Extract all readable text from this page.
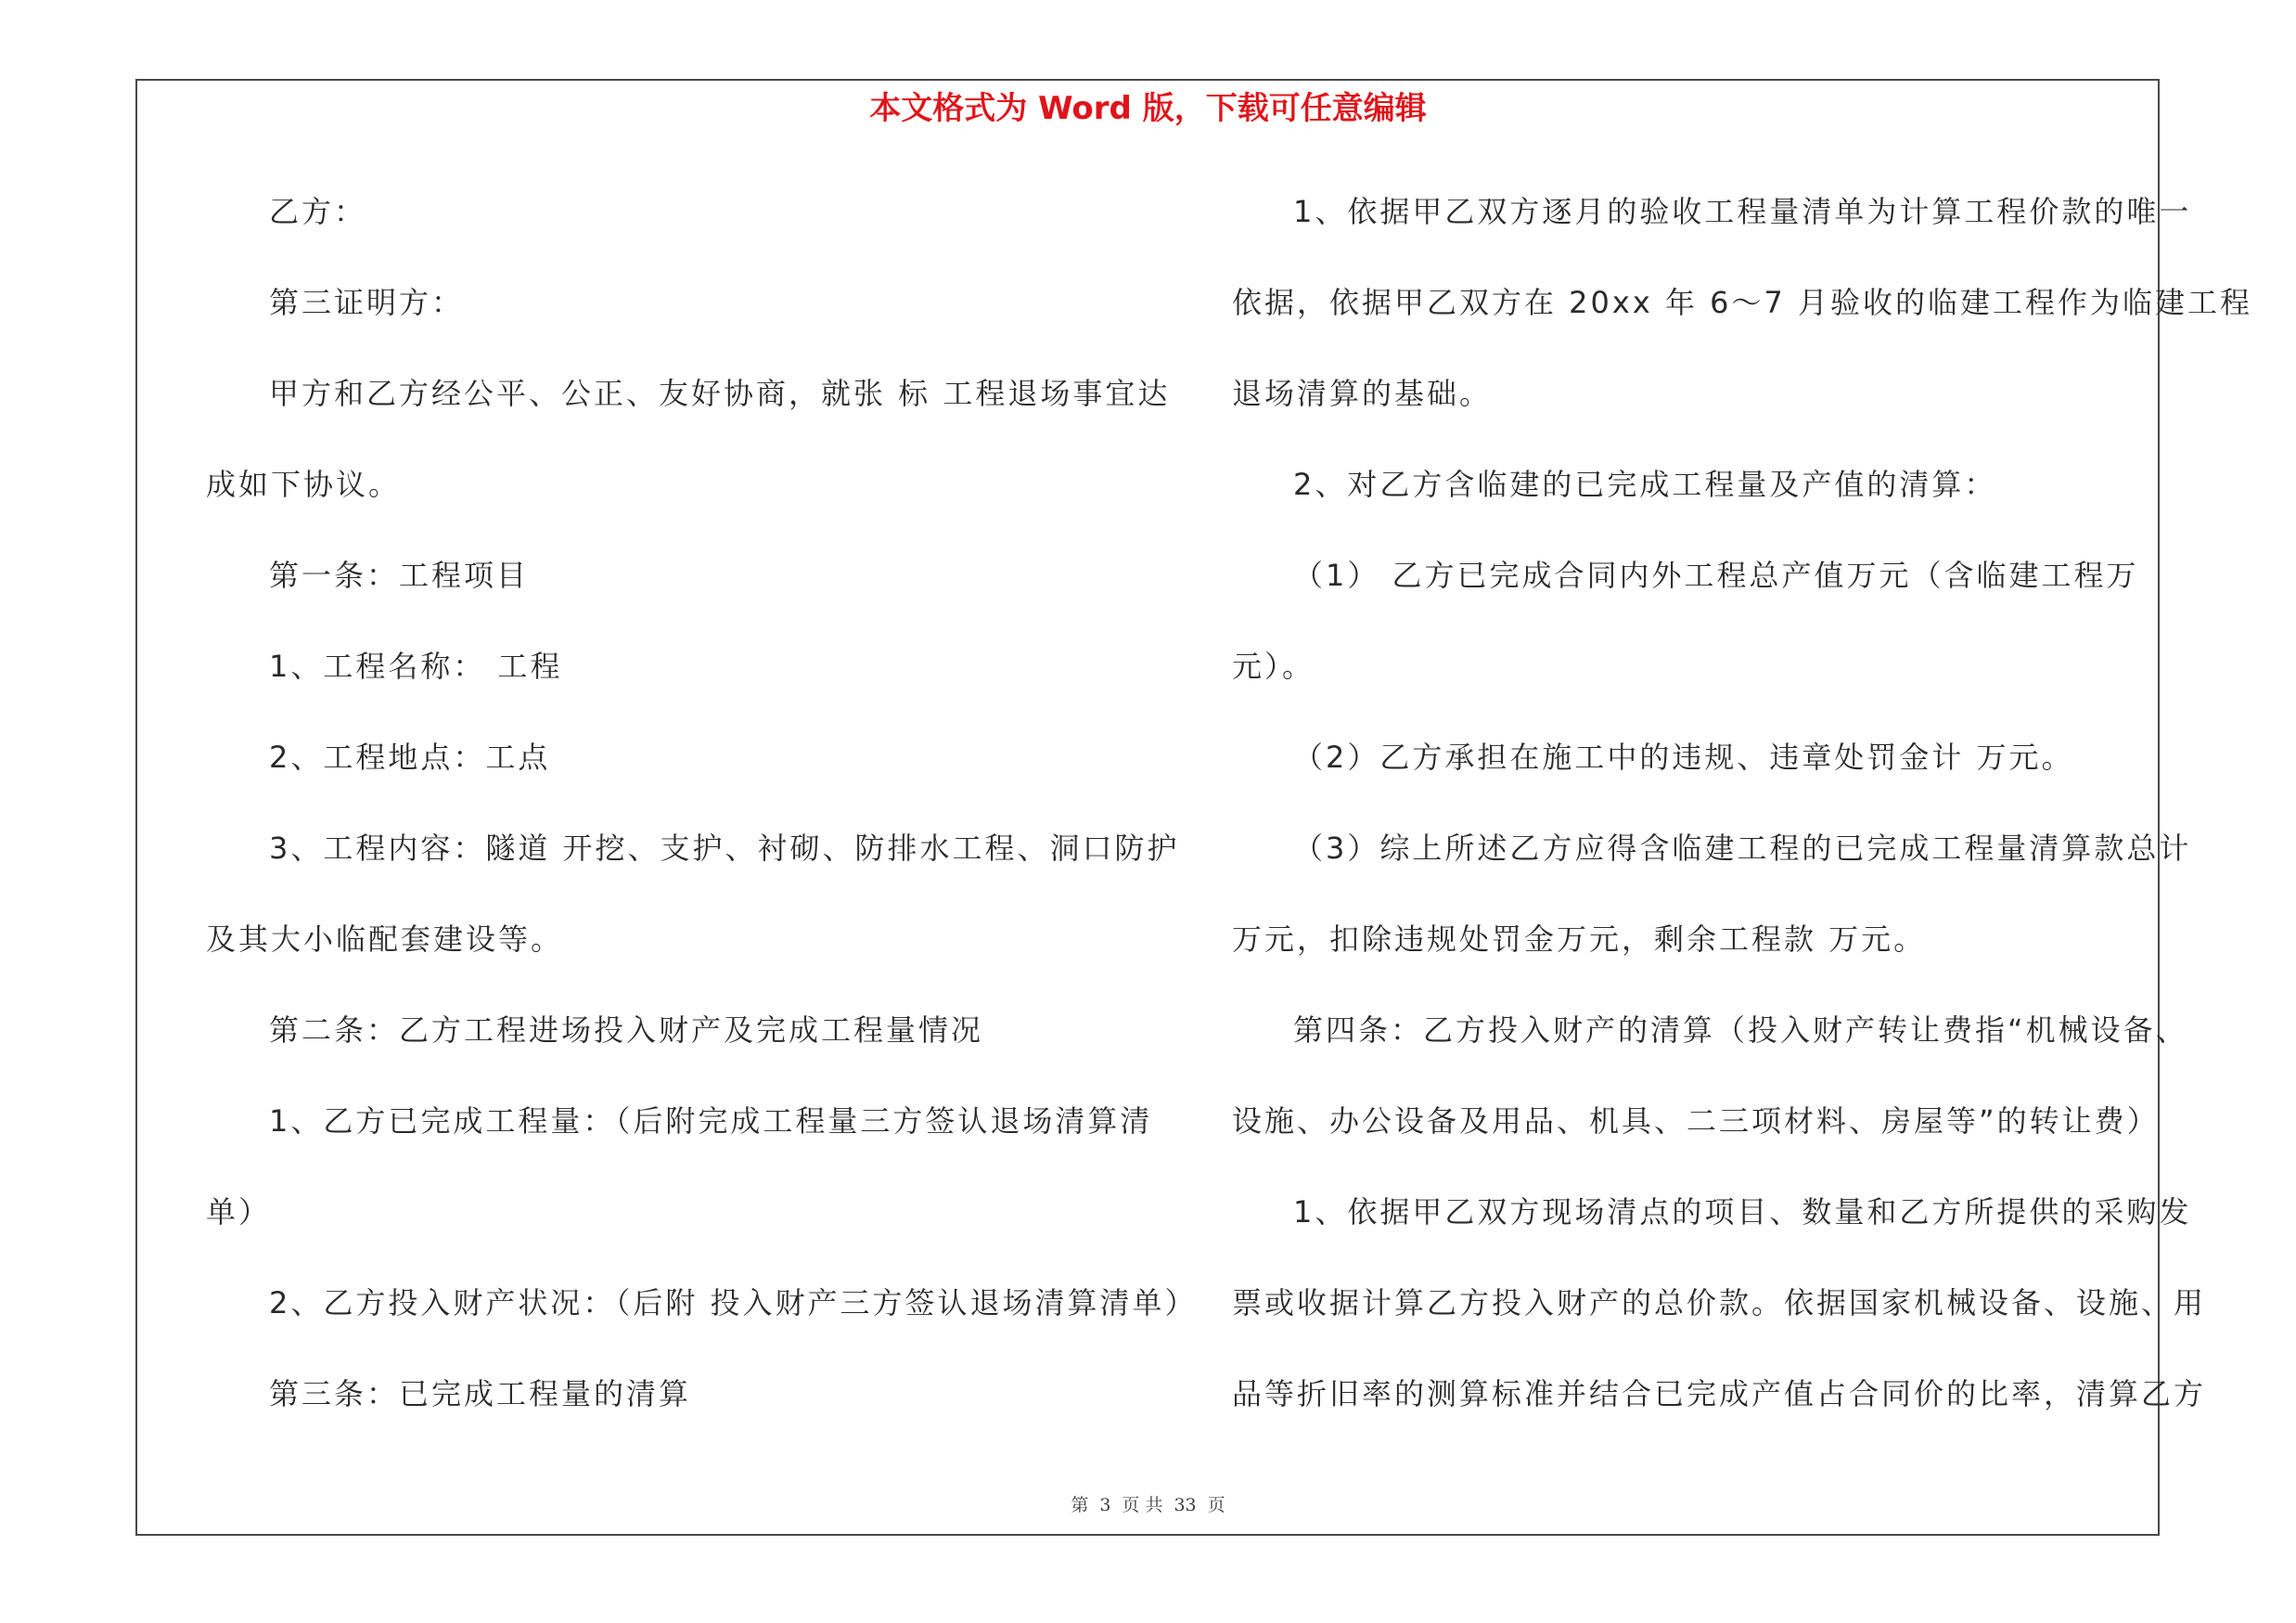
本文格式为 Word 版，下载可任意编辑
乙方：
第三证明方：
甲方和乙方经公平、公正、友好协商，就张 标 工程退场事宜达
成如下协议。
第一条：工程项目
1、工程名称： 工程
2、工程地点：工点
3、工程内容：隧道 开挖、支护、衬砌、防排水工程、洞口防护
及其大小临配套建设等。
第二条：乙方工程进场投入财产及完成工程量情况
1、乙方已完成工程量：（后附完成工程量三方签认退场清算清
单）
2、乙方投入财产状况：（后附 投入财产三方签认退场清算清单）
第三条：已完成工程量的清算
1、依据甲乙双方逐月的验收工程量清单为计算工程价款的唯一
依据，依据甲乙双方在 20xx 年 6～7 月验收的临建工程作为临建工程
退场清算的基础。
2、对乙方含临建的已完成工程量及产值的清算：
（1） 乙方已完成合同内外工程总产值万元（含临建工程万
元）。
（2）乙方承担在施工中的违规、违章处罚金计 万元。
（3）综上所述乙方应得含临建工程的已完成工程量清算款总计
万元，扣除违规处罚金万元，剩余工程款 万元。
第四条：乙方投入财产的清算（投入财产转让费指“机械设备、
设施、办公设备及用品、机具、二三项材料、房屋等”的转让费）
1、依据甲乙双方现场清点的项目、数量和乙方所提供的采购发
票或收据计算乙方投入财产的总价款。依据国家机械设备、设施、用
品等折旧率的测算标准并结合已完成产值占合同价的比率，清算乙方
第 3 页 共 33 页
